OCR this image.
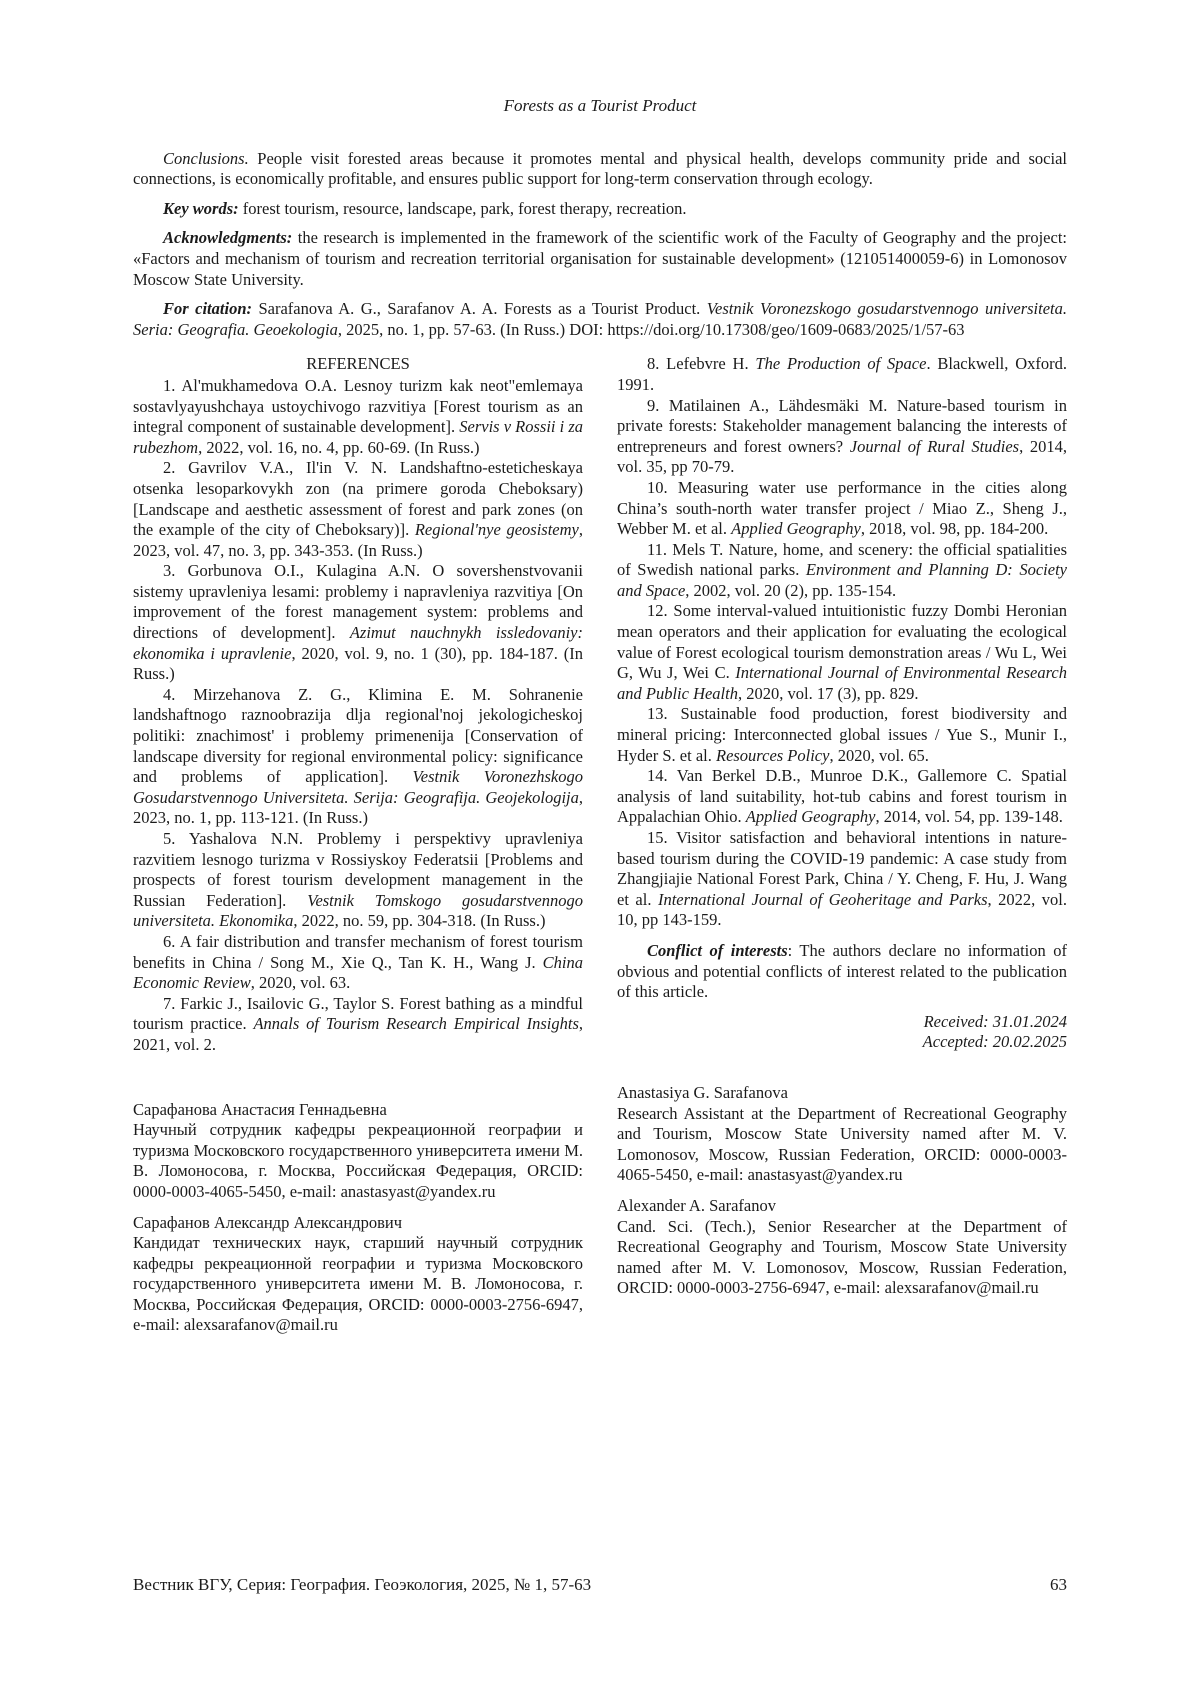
Forests as a Tourist Product

Conclusions. People visit forested areas because it promotes mental and physical health, develops community pride and social connections, is economically profitable, and ensures public support for long-term conservation through ecology.

Key words: forest tourism, resource, landscape, park, forest therapy, recreation.

Acknowledgments: the research is implemented in the framework of the scientific work of the Faculty of Geography and the project: «Factors and mechanism of tourism and recreation territorial organisation for sustainable development» (121051400059-6) in Lomonosov Moscow State University.

For citation: Sarafanova A. G., Sarafanov A. A. Forests as a Tourist Product. Vestnik Voronezskogo gosudarstvennogo universiteta. Seria: Geografia. Geoekologia, 2025, no. 1, pp. 57-63. (In Russ.) DOI: https://doi.org/10.17308/geo/1609-0683/2025/1/57-63

REFERENCES

1. Al'mukhamedova O.A. Lesnoy turizm kak neot"emlemaya sostavlyayushchaya ustoychivogo razvitiya [Forest tourism as an integral component of sustainable development]. Servis v Rossii i za rubezhom, 2022, vol. 16, no. 4, pp. 60-69. (In Russ.)

2. Gavrilov V.A., Il'in V. N. Landshaftno-esteticheskaya otsenka lesoparkovykh zon (na primere goroda Cheboksary) [Landscape and aesthetic assessment of forest and park zones (on the example of the city of Cheboksary)]. Regional'nye geosistemy, 2023, vol. 47, no. 3, pp. 343-353. (In Russ.)

3. Gorbunova O.I., Kulagina A.N. O sovershenstvovanii sistemy upravleniya lesami: problemy i napravleniya razvitiya [On improvement of the forest management system: problems and directions of development]. Azimut nauchnykh issledovaniy: ekonomika i upravlenie, 2020, vol. 9, no. 1 (30), pp. 184-187. (In Russ.)

4. Mirzehanova Z. G., Klimina E. M. Sohranenie landshaftnogo raznoobrazija dlja regional'noj jekologicheskoj politiki: znachimost' i problemy primenenija [Conservation of landscape diversity for regional environmental policy: significance and problems of application]. Vestnik Voronezhskogo Gosudarstvennogo Universiteta. Serija: Geografija. Geojekologija, 2023, no. 1, pp. 113-121. (In Russ.)

5. Yashalova N.N. Problemy i perspektivy upravleniya razvitiem lesnogo turizma v Rossiyskoy Federatsii [Problems and prospects of forest tourism development management in the Russian Federation]. Vestnik Tomskogo gosudarstvennogo universiteta. Ekonomika, 2022, no. 59, pp. 304-318. (In Russ.)

6. A fair distribution and transfer mechanism of forest tourism benefits in China / Song M., Xie Q., Tan K. H., Wang J. China Economic Review, 2020, vol. 63.

7. Farkic J., Isailovic G., Taylor S. Forest bathing as a mindful tourism practice. Annals of Tourism Research Empirical Insights, 2021, vol. 2.

Сарафанова Анастасия Геннадьевна

Научный сотрудник кафедры рекреационной географии и туризма Московского государственного университета имени М. В. Ломоносова, г. Москва, Российская Федерация, ORCID: 0000-0003-4065-5450, e-mail: anastasyast@yandex.ru

Сарафанов Александр Александрович

Кандидат технических наук, старший научный сотрудник кафедры рекреационной географии и туризма Московского государственного университета имени М. В. Ломоносова, г. Москва, Российская Федерация, ORCID: 0000-0003-2756-6947, e-mail: alexsarafanov@mail.ru

8. Lefebvre H. The Production of Space. Blackwell, Oxford. 1991.

9. Matilainen A., Lähdesmäki M. Nature-based tourism in private forests: Stakeholder management balancing the interests of entrepreneurs and forest owners? Journal of Rural Studies, 2014, vol. 35, pp 70-79.

10. Measuring water use performance in the cities along China’s south-north water transfer project / Miao Z., Sheng J., Webber M. et al. Applied Geography, 2018, vol. 98, pp. 184-200.

11. Mels T. Nature, home, and scenery: the official spatialities of Swedish national parks. Environment and Planning D: Society and Space, 2002, vol. 20 (2), pp. 135-154.

12. Some interval-valued intuitionistic fuzzy Dombi Heronian mean operators and their application for evaluating the ecological value of Forest ecological tourism demonstration areas / Wu L, Wei G, Wu J, Wei C. International Journal of Environmental Research and Public Health, 2020, vol. 17 (3), pp. 829.

13. Sustainable food production, forest biodiversity and mineral pricing: Interconnected global issues / Yue S., Munir I., Hyder S. et al. Resources Policy, 2020, vol. 65.

14. Van Berkel D.B., Munroe D.K., Gallemore C. Spatial analysis of land suitability, hot-tub cabins and forest tourism in Appalachian Ohio. Applied Geography, 2014, vol. 54, pp. 139-148.

15. Visitor satisfaction and behavioral intentions in nature-based tourism during the COVID-19 pandemic: A case study from Zhangjiajie National Forest Park, China / Y. Cheng, F. Hu, J. Wang et al. International Journal of Geoheritage and Parks, 2022, vol. 10, pp 143-159.

Conflict of interests: The authors declare no information of obvious and potential conflicts of interest related to the publication of this article.

Received: 31.01.2024
Accepted: 20.02.2025
Anastasiya G. Sarafanova

Research Assistant at the Department of Recreational Geography and Tourism, Moscow State University named after M. V. Lomonosov, Moscow, Russian Federation, ORCID: 0000-0003-4065-5450, e-mail: anastasyast@yandex.ru

Alexander A. Sarafanov

Cand. Sci. (Tech.), Senior Researcher at the Department of Recreational Geography and Tourism, Moscow State University named after M. V. Lomonosov, Moscow, Russian Federation, ORCID: 0000-0003-2756-6947, e-mail: alexsarafanov@mail.ru

Вестник ВГУ, Серия: География. Геоэкология, 2025, № 1, 57-63	63
